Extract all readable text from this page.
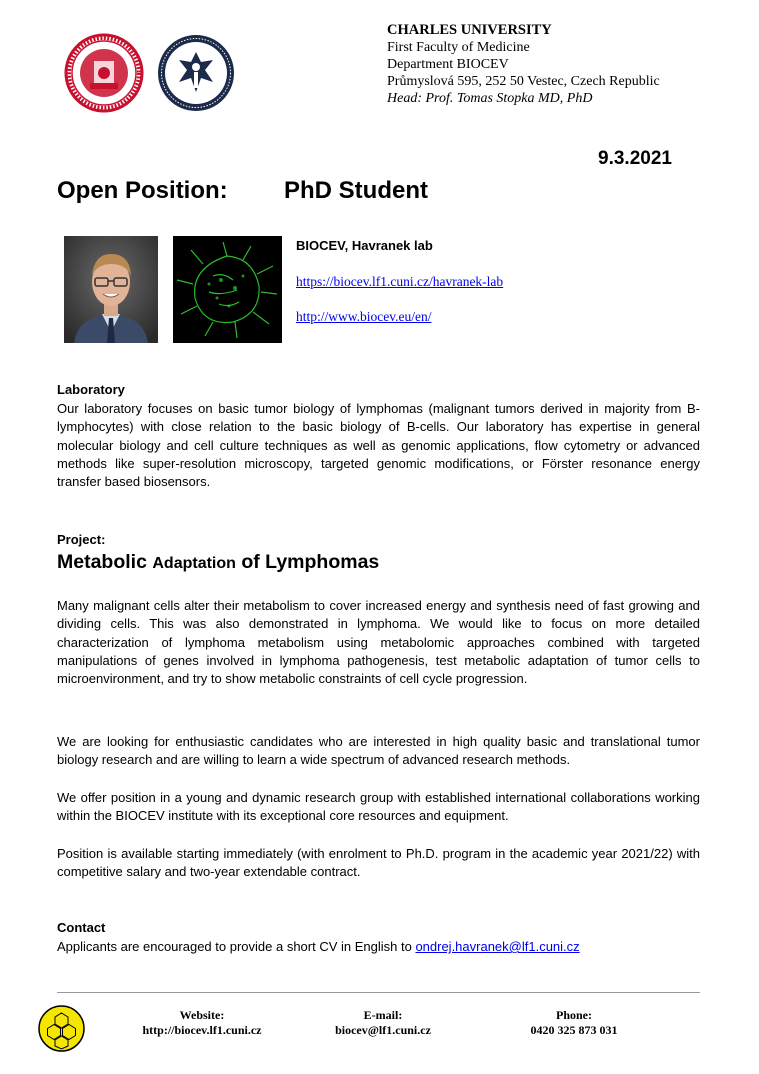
CHARLES UNIVERSITY
First Faculty of Medicine
Department BIOCEV
Průmyslová 595, 252 50 Vestec, Czech Republic
Head: Prof. Tomas Stopka MD, PhD
9.3.2021
Open Position: PhD Student
BIOCEV, Havranek lab
https://biocev.lf1.cuni.cz/havranek-lab
http://www.biocev.eu/en/
Laboratory
Our laboratory focuses on basic tumor biology of lymphomas (malignant tumors derived in majority from B-lymphocytes) with close relation to the basic biology of B-cells. Our laboratory has expertise in general molecular biology and cell culture techniques as well as genomic applications, flow cytometry or advanced methods like super-resolution microscopy, targeted genomic modifications, or Förster resonance energy transfer based biosensors.
Project:
Metabolic Adaptation of Lymphomas
Many malignant cells alter their metabolism to cover increased energy and synthesis need of fast growing and dividing cells. This was also demonstrated in lymphoma. We would like to focus on more detailed characterization of lymphoma metabolism using metabolomic approaches combined with targeted manipulations of genes involved in lymphoma pathogenesis, test metabolic adaptation of tumor cells to microenvironment, and try to show metabolic constraints of cell cycle progression.
We are looking for enthusiastic candidates who are interested in high quality basic and translational tumor biology research and are willing to learn a wide spectrum of advanced research methods.
We offer position in a young and dynamic research group with established international collaborations working within the BIOCEV institute with its exceptional core resources and equipment.
Position is available starting immediately (with enrolment to Ph.D. program in the academic year 2021/22) with competitive salary and two-year extendable contract.
Contact
Applicants are encouraged to provide a short CV in English to ondrej.havranek@lf1.cuni.cz
Website:
http://biocev.lf1.cuni.cz
E-mail:
biocev@lf1.cuni.cz
Phone:
0420 325 873 031
